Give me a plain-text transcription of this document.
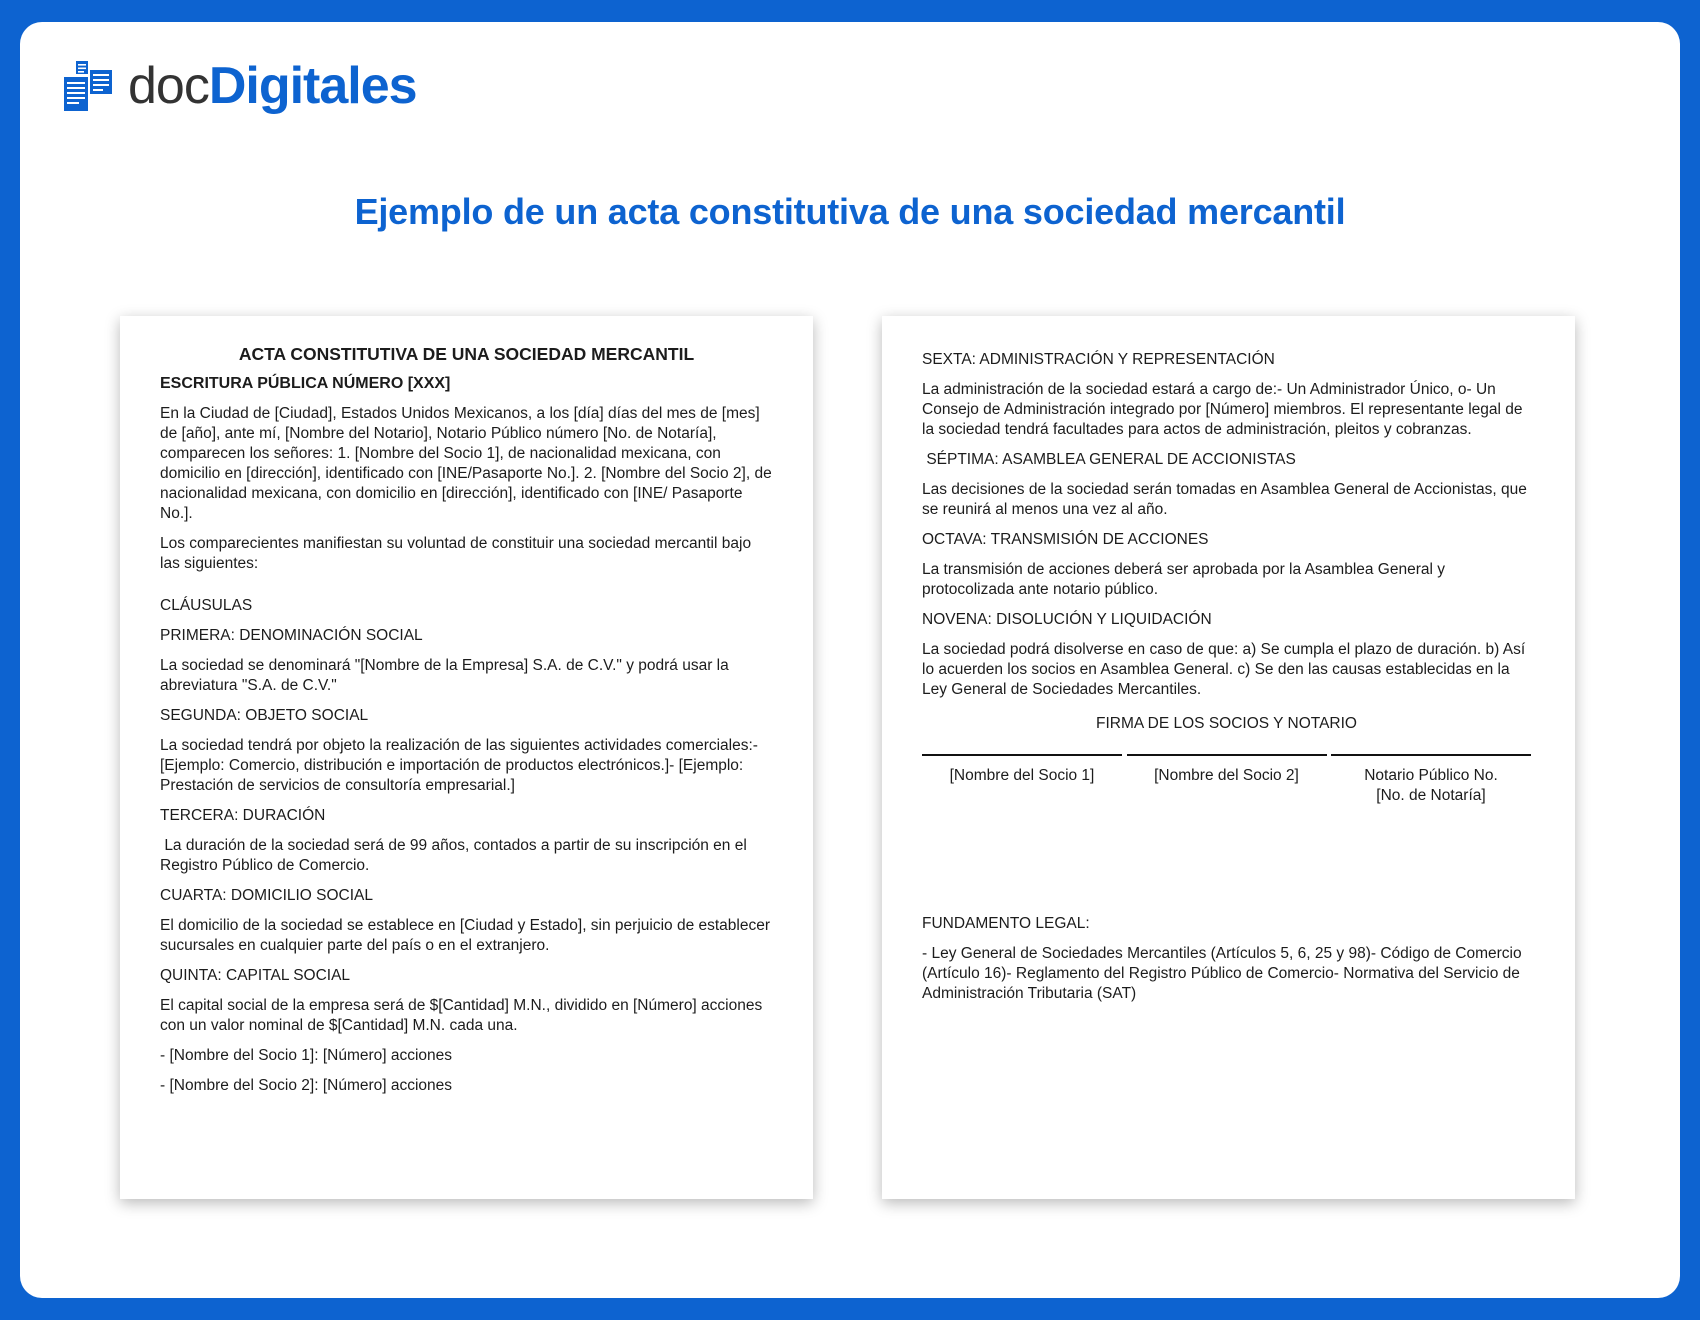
docDigitales
Ejemplo de un acta constitutiva de una sociedad mercantil

ACTA CONSTITUTIVA DE UNA SOCIEDAD MERCANTIL

ESCRITURA PÚBLICA NÚMERO [XXX]

En la Ciudad de [Ciudad], Estados Unidos Mexicanos, a los [día] días del mes de [mes] de [año], ante mí, [Nombre del Notario], Notario Público número [No. de Notaría], comparecen los señores: 1. [Nombre del Socio 1], de nacionalidad mexicana, con domicilio en [dirección], identificado con [INE/Pasaporte No.]. 2. [Nombre del Socio 2], de nacionalidad mexicana, con domicilio en [dirección], identificado con [INE/ Pasaporte No.].

Los comparecientes manifiestan su voluntad de constituir una sociedad mercantil bajo las siguientes:

CLÁUSULAS

PRIMERA: DENOMINACIÓN SOCIAL

La sociedad se denominará "[Nombre de la Empresa] S.A. de C.V." y podrá usar la abreviatura "S.A. de C.V."

SEGUNDA: OBJETO SOCIAL

La sociedad tendrá por objeto la realización de las siguientes actividades comerciales:- [Ejemplo: Comercio, distribución e importación de productos electrónicos.]- [Ejemplo: Prestación de servicios de consultoría empresarial.]

TERCERA: DURACIÓN

La duración de la sociedad será de 99 años, contados a partir de su inscripción en el Registro Público de Comercio.

CUARTA: DOMICILIO SOCIAL

El domicilio de la sociedad se establece en [Ciudad y Estado], sin perjuicio de establecer sucursales en cualquier parte del país o en el extranjero.

QUINTA: CAPITAL SOCIAL

El capital social de la empresa será de $[Cantidad] M.N., dividido en [Número] acciones con un valor nominal de $[Cantidad] M.N. cada una.

- [Nombre del Socio 1]: [Número] acciones

- [Nombre del Socio 2]: [Número] acciones

SEXTA: ADMINISTRACIÓN Y REPRESENTACIÓN

La administración de la sociedad estará a cargo de:- Un Administrador Único, o- Un Consejo de Administración integrado por [Número] miembros. El representante legal de la sociedad tendrá facultades para actos de administración, pleitos y cobranzas.

SÉPTIMA: ASAMBLEA GENERAL DE ACCIONISTAS

Las decisiones de la sociedad serán tomadas en Asamblea General de Accionistas, que se reunirá al menos una vez al año.

OCTAVA: TRANSMISIÓN DE ACCIONES

La transmisión de acciones deberá ser aprobada por la Asamblea General y protocolizada ante notario público.

NOVENA: DISOLUCIÓN Y LIQUIDACIÓN

La sociedad podrá disolverse en caso de que: a) Se cumpla el plazo de duración. b) Así lo acuerden los socios en Asamblea General. c) Se den las causas establecidas en la Ley General de Sociedades Mercantiles.

FIRMA DE LOS SOCIOS Y NOTARIO

[Nombre del Socio 1]	[Nombre del Socio 2]	Notario Público No.
[No. de Notaría]

FUNDAMENTO LEGAL:

- Ley General de Sociedades Mercantiles (Artículos 5, 6, 25 y 98)- Código de Comercio (Artículo 16)- Reglamento del Registro Público de Comercio- Normativa del Servicio de Administración Tributaria (SAT)
